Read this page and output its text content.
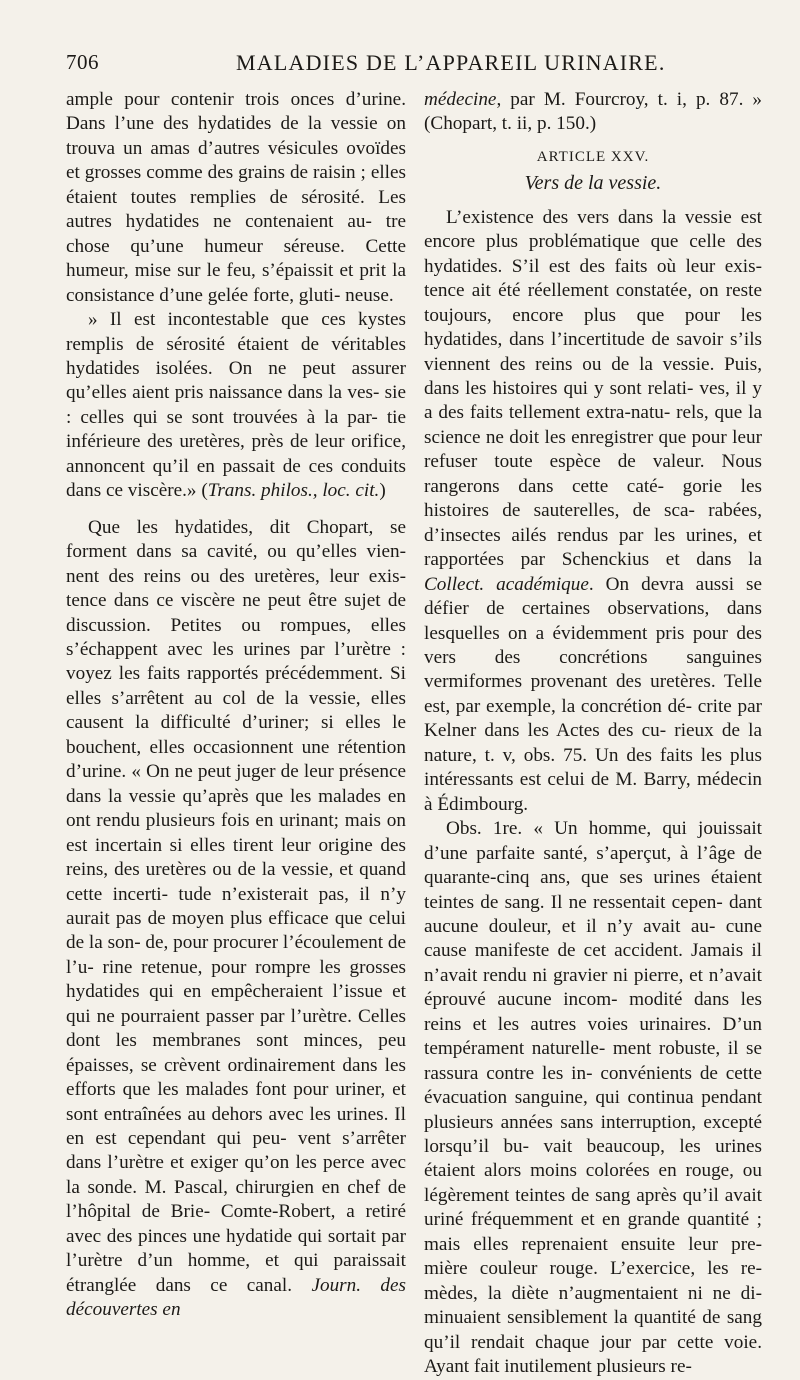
706	MALADIES DE L’APPAREIL URINAIRE.

ample pour contenir trois onces d’urine. Dans l’une des hydatides de la vessie on trouva un amas d’autres vésicules ovoïdes et grosses comme des grains de raisin ; elles étaient toutes remplies de sérosité. Les autres hydatides ne contenaient au- tre chose qu’une humeur séreuse. Cette humeur, mise sur le feu, s’épaissit et prit la consistance d’une gelée forte, gluti- neuse.

» Il est incontestable que ces kystes remplis de sérosité étaient de véritables hydatides isolées. On ne peut assurer qu’elles aient pris naissance dans la ves- sie : celles qui se sont trouvées à la par- tie inférieure des uretères, près de leur orifice, annoncent qu’il en passait de ces conduits dans ce viscère.» (Trans. philos., loc. cit.)

Que les hydatides, dit Chopart, se forment dans sa cavité, ou qu’elles vien- nent des reins ou des uretères, leur exis- tence dans ce viscère ne peut être sujet de discussion. Petites ou rompues, elles s’échappent avec les urines par l’urètre : voyez les faits rapportés précédemment. Si elles s’arrêtent au col de la vessie, elles causent la difficulté d’uriner; si elles le bouchent, elles occasionnent une rétention d’urine. « On ne peut juger de leur présence dans la vessie qu’après que les malades en ont rendu plusieurs fois en urinant; mais on est incertain si elles tirent leur origine des reins, des uretères ou de la vessie, et quand cette incerti- tude n’existerait pas, il n’y aurait pas de moyen plus efficace que celui de la son- de, pour procurer l’écoulement de l’u- rine retenue, pour rompre les grosses hydatides qui en empêcheraient l’issue et qui ne pourraient passer par l’urètre. Celles dont les membranes sont minces, peu épaisses, se crèvent ordinairement dans les efforts que les malades font pour uriner, et sont entraînées au dehors avec les urines. Il en est cependant qui peu- vent s’arrêter dans l’urètre et exiger qu’on les perce avec la sonde. M. Pascal, chirurgien en chef de l’hôpital de Brie- Comte-Robert, a retiré avec des pinces une hydatide qui sortait par l’urètre d’un homme, et qui paraissait étranglée dans ce canal. Journ. des découvertes en

médecine, par M. Fourcroy, t. i, p. 87. » (Chopart, t. ii, p. 150.)

ARTICLE XXV.
Vers de la vessie.

L’existence des vers dans la vessie est encore plus problématique que celle des hydatides. S’il est des faits où leur exis- tence ait été réellement constatée, on reste toujours, encore plus que pour les hydatides, dans l’incertitude de savoir s’ils viennent des reins ou de la vessie. Puis, dans les histoires qui y sont relati- ves, il y a des faits tellement extra-natu- rels, que la science ne doit les enregistrer que pour leur refuser toute espèce de valeur. Nous rangerons dans cette caté- gorie les histoires de sauterelles, de sca- rabées, d’insectes ailés rendus par les urines, et rapportées par Schenckius et dans la Collect. académique. On devra aussi se défier de certaines observations, dans lesquelles on a évidemment pris pour des vers des concrétions sanguines vermiformes provenant des uretères. Telle est, par exemple, la concrétion dé- crite par Kelner dans les Actes des cu- rieux de la nature, t. v, obs. 75. Un des faits les plus intéressants est celui de M. Barry, médecin à Édimbourg.

Obs. 1re. « Un homme, qui jouissait d’une parfaite santé, s’aperçut, à l’âge de quarante-cinq ans, que ses urines étaient teintes de sang. Il ne ressentait cepen- dant aucune douleur, et il n’y avait au- cune cause manifeste de cet accident. Jamais il n’avait rendu ni gravier ni pierre, et n’avait éprouvé aucune incom- modité dans les reins et les autres voies urinaires. D’un tempérament naturelle- ment robuste, il se rassura contre les in- convénients de cette évacuation sanguine, qui continua pendant plusieurs années sans interruption, excepté lorsqu’il bu- vait beaucoup, les urines étaient alors moins colorées en rouge, ou légèrement teintes de sang après qu’il avait uriné fréquemment et en grande quantité ; mais elles reprenaient ensuite leur pre- mière couleur rouge. L’exercice, les re- mèdes, la diète n’augmentaient ni ne di- minuaient sensiblement la quantité de sang qu’il rendait chaque jour par cette voie. Ayant fait inutilement plusieurs re-
